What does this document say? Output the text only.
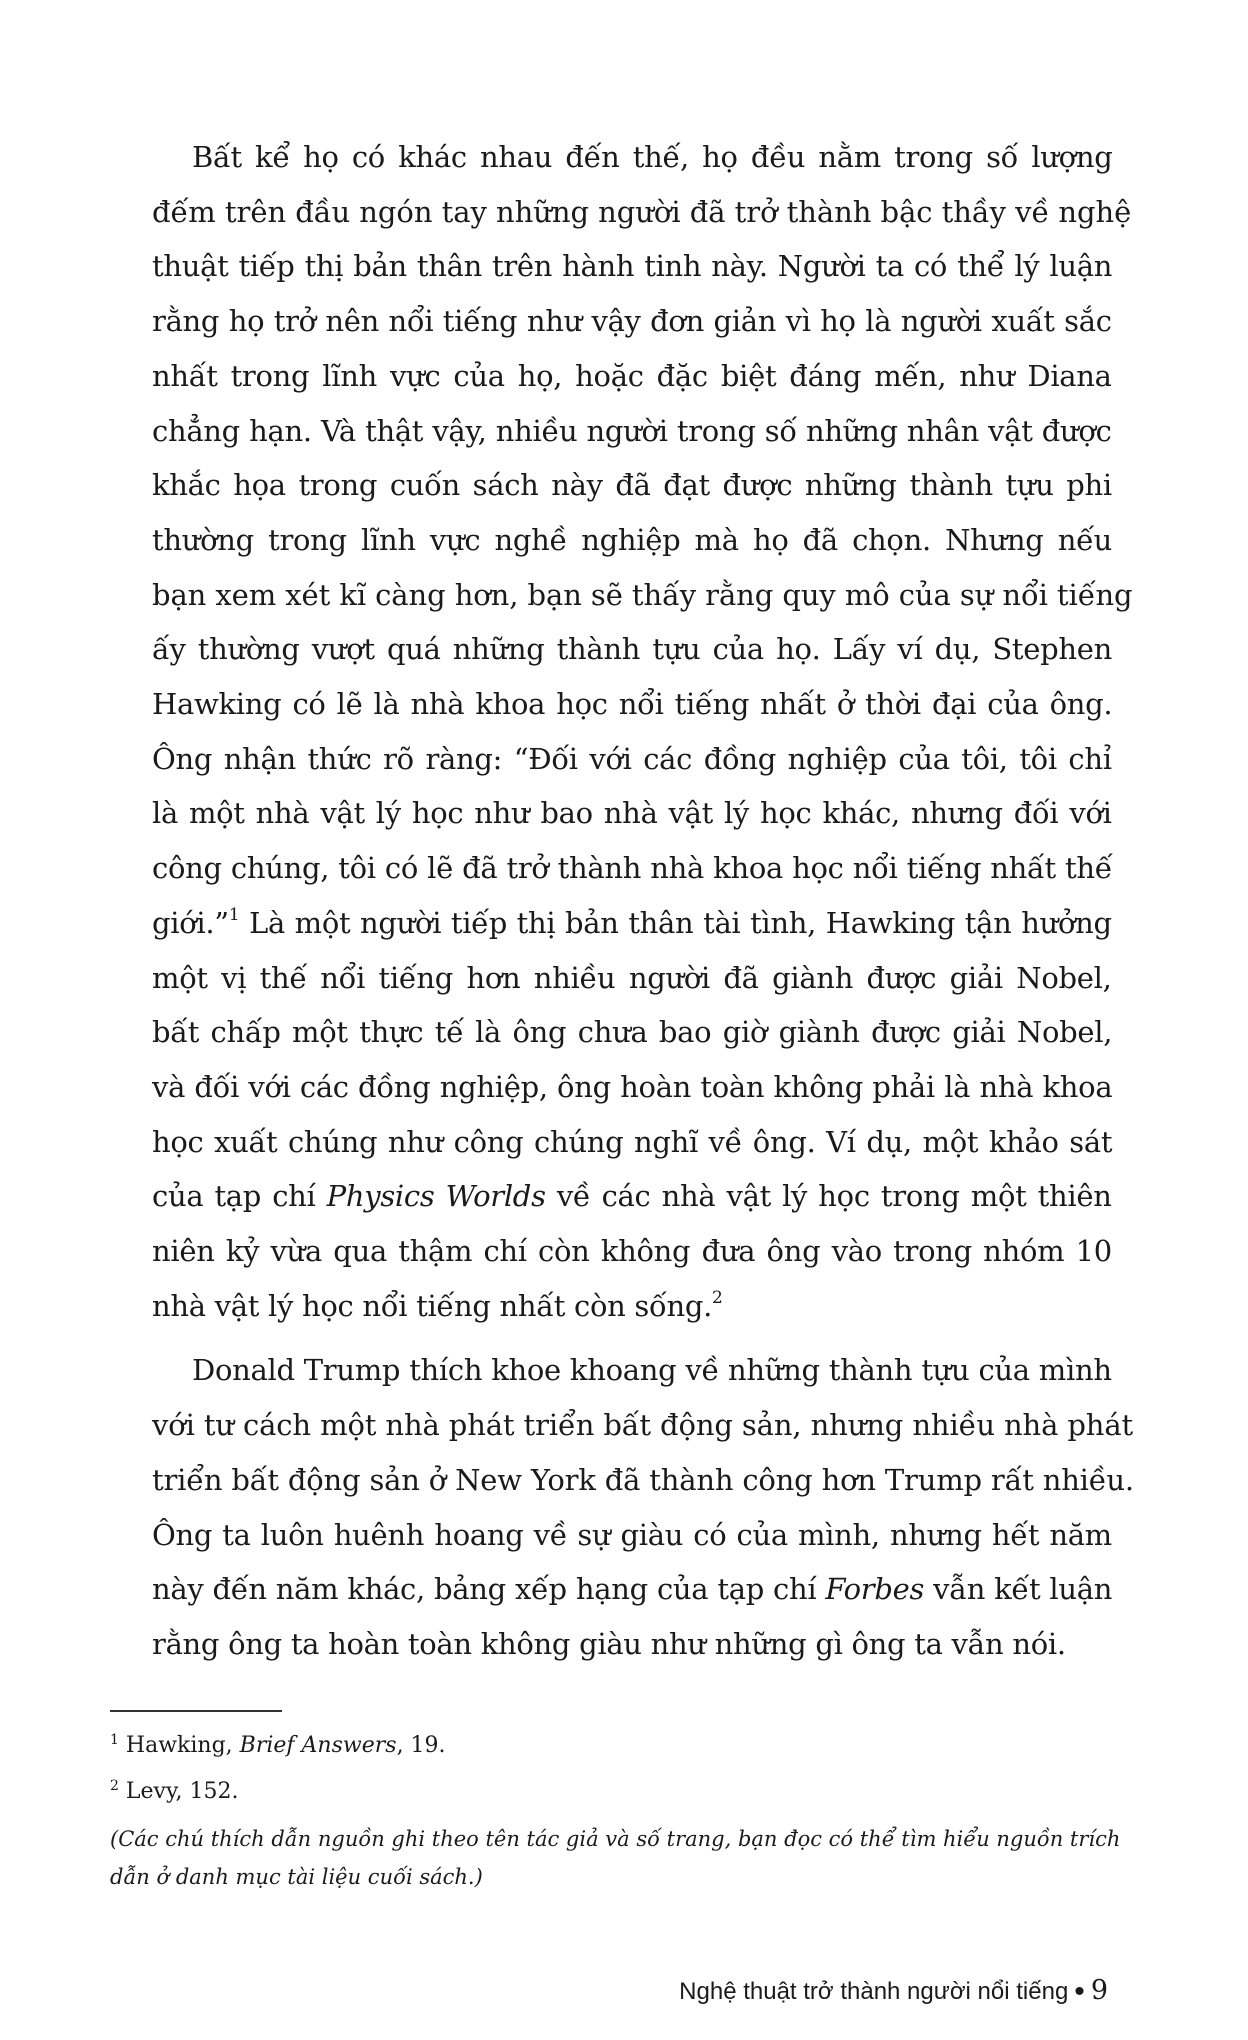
Bất kể họ có khác nhau đến thế, họ đều nằm trong số lượng
đếm trên đầu ngón tay những người đã trở thành bậc thầy về nghệ
thuật tiếp thị bản thân trên hành tinh này. Người ta có thể lý luận
rằng họ trở nên nổi tiếng như vậy đơn giản vì họ là người xuất sắc
nhất trong lĩnh vực của họ, hoặc đặc biệt đáng mến, như Diana
chẳng hạn. Và thật vậy, nhiều người trong số những nhân vật được
khắc họa trong cuốn sách này đã đạt được những thành tựu phi
thường trong lĩnh vực nghề nghiệp mà họ đã chọn. Nhưng nếu
bạn xem xét kĩ càng hơn, bạn sẽ thấy rằng quy mô của sự nổi tiếng
ấy thường vượt quá những thành tựu của họ. Lấy ví dụ, Stephen
Hawking có lẽ là nhà khoa học nổi tiếng nhất ở thời đại của ông.
Ông nhận thức rõ ràng: “Đối với các đồng nghiệp của tôi, tôi chỉ
là một nhà vật lý học như bao nhà vật lý học khác, nhưng đối với
công chúng, tôi có lẽ đã trở thành nhà khoa học nổi tiếng nhất thế
giới.”$^1$ Là một người tiếp thị bản thân tài tình, Hawking tận hưởng
một vị thế nổi tiếng hơn nhiều người đã giành được giải Nobel,
bất chấp một thực tế là ông chưa bao giờ giành được giải Nobel,
và đối với các đồng nghiệp, ông hoàn toàn không phải là nhà khoa
học xuất chúng như công chúng nghĩ về ông. Ví dụ, một khảo sát
của tạp chí Physics Worlds về các nhà vật lý học trong một thiên
niên kỷ vừa qua thậm chí còn không đưa ông vào trong nhóm 10
nhà vật lý học nổi tiếng nhất còn sống.$^2$

Donald Trump thích khoe khoang về những thành tựu của mình
với tư cách một nhà phát triển bất động sản, nhưng nhiều nhà phát
triển bất động sản ở New York đã thành công hơn Trump rất nhiều.
Ông ta luôn huênh hoang về sự giàu có của mình, nhưng hết năm
này đến năm khác, bảng xếp hạng của tạp chí Forbes vẫn kết luận
rằng ông ta hoàn toàn không giàu như những gì ông ta vẫn nói.

$^1$ Hawking, Brief Answers, 19.

$^2$ Levy, 152.

(Các chú thích dẫn nguồn ghi theo tên tác giả và số trang, bạn đọc có thể tìm hiểu nguồn trích
dẫn ở danh mục tài liệu cuối sách.)

Nghệ thuật trở thành người nổi tiếng • 9
